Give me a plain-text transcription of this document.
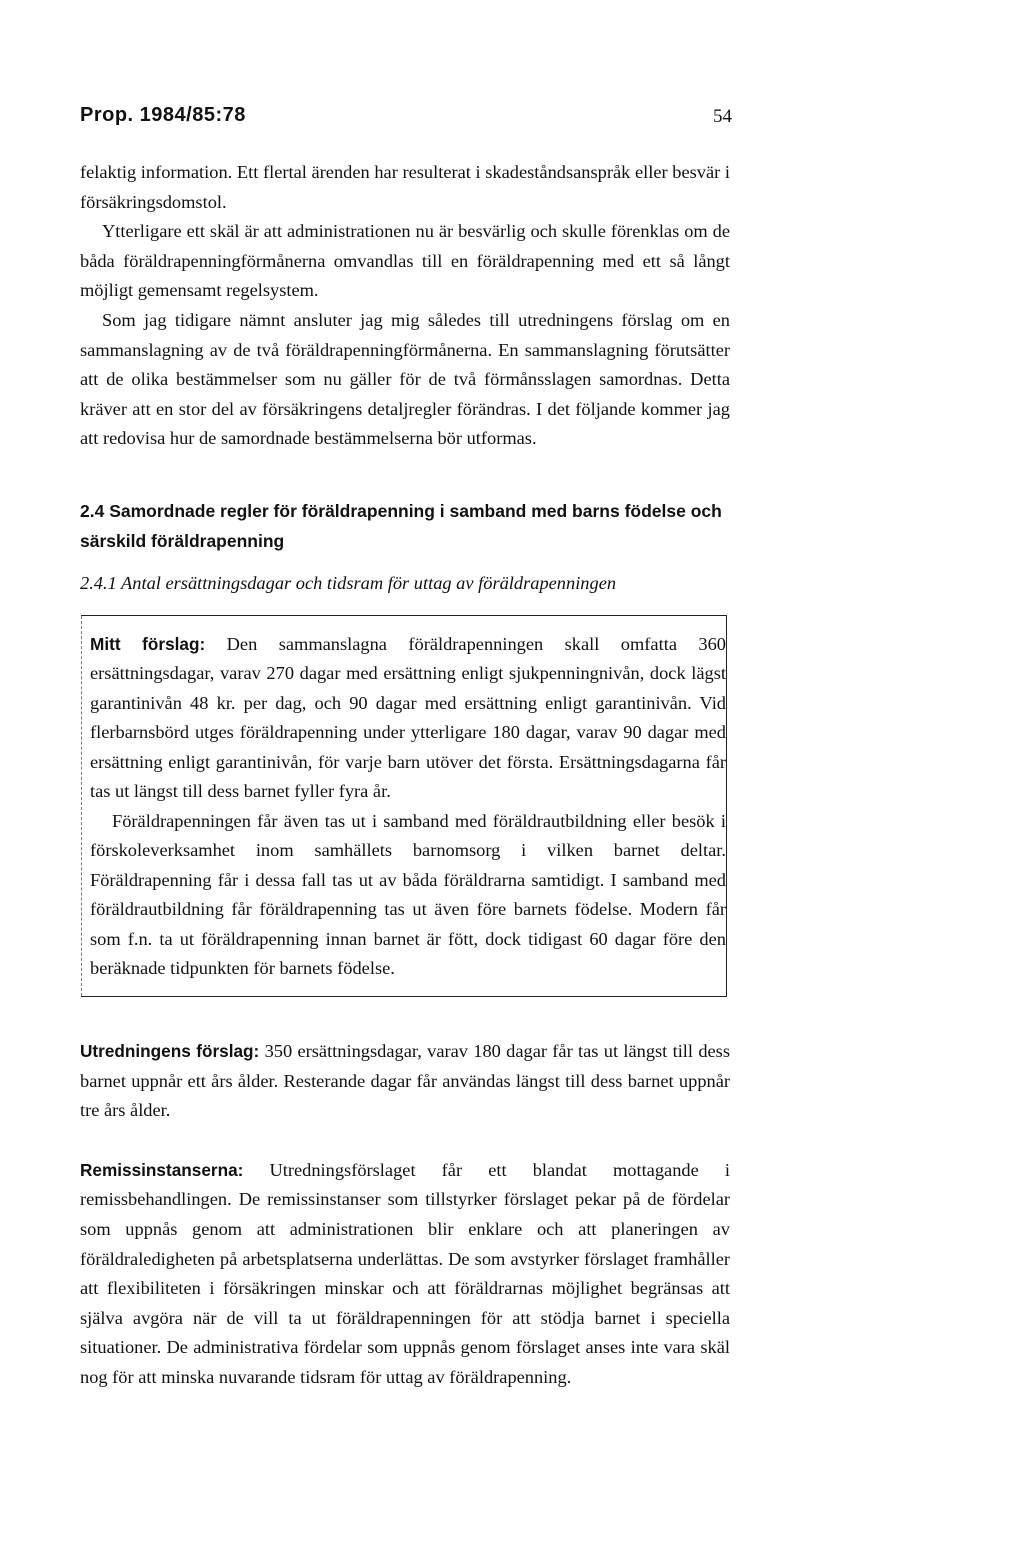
Prop. 1984/85:78	54

felaktig information. Ett flertal ärenden har resulterat i skadeståndsanspråk eller besvär i försäkringsdomstol.

Ytterligare ett skäl är att administrationen nu är besvärlig och skulle förenklas om de båda föräldrapenningförmånerna omvandlas till en föräldrapenning med ett så långt möjligt gemensamt regelsystem.

Som jag tidigare nämnt ansluter jag mig således till utredningens förslag om en sammanslagning av de två föräldrapenningförmånerna. En sammanslagning förutsätter att de olika bestämmelser som nu gäller för de två förmånsslagen samordnas. Detta kräver att en stor del av försäkringens detaljregler förändras. I det följande kommer jag att redovisa hur de samordnade bestämmelserna bör utformas.

2.4 Samordnade regler för föräldrapenning i samband med barns födelse och särskild föräldrapenning
2.4.1 Antal ersättningsdagar och tidsram för uttag av föräldrapenningen

Mitt förslag: Den sammanslagna föräldrapenningen skall omfatta 360 ersättningsdagar, varav 270 dagar med ersättning enligt sjukpenningnivån, dock lägst garantinivån 48 kr. per dag, och 90 dagar med ersättning enligt garantinivån. Vid flerbarnsbörd utges föräldrapenning under ytterligare 180 dagar, varav 90 dagar med ersättning enligt garantinivån, för varje barn utöver det första. Ersättningsdagarna får tas ut längst till dess barnet fyller fyra år.

Föräldrapenningen får även tas ut i samband med föräldrautbildning eller besök i förskoleverksamhet inom samhällets barnomsorg i vilken barnet deltar. Föräldrapenning får i dessa fall tas ut av båda föräldrarna samtidigt. I samband med föräldrautbildning får föräldrapenning tas ut även före barnets födelse. Modern får som f.n. ta ut föräldrapenning innan barnet är fött, dock tidigast 60 dagar före den beräknade tidpunkten för barnets födelse.

Utredningens förslag: 350 ersättningsdagar, varav 180 dagar får tas ut längst till dess barnet uppnår ett års ålder. Resterande dagar får användas längst till dess barnet uppnår tre års ålder.

Remissinstanserna: Utredningsförslaget får ett blandat mottagande i remissbehandlingen. De remissinstanser som tillstyrker förslaget pekar på de fördelar som uppnås genom att administrationen blir enklare och att planeringen av föräldraledigheten på arbetsplatserna underlättas. De som avstyrker förslaget framhåller att flexibiliteten i försäkringen minskar och att föräldrarnas möjlighet begränsas att själva avgöra när de vill ta ut föräldrapenningen för att stödja barnet i speciella situationer. De administrativa fördelar som uppnås genom förslaget anses inte vara skäl nog för att minska nuvarande tidsram för uttag av föräldrapenning.
